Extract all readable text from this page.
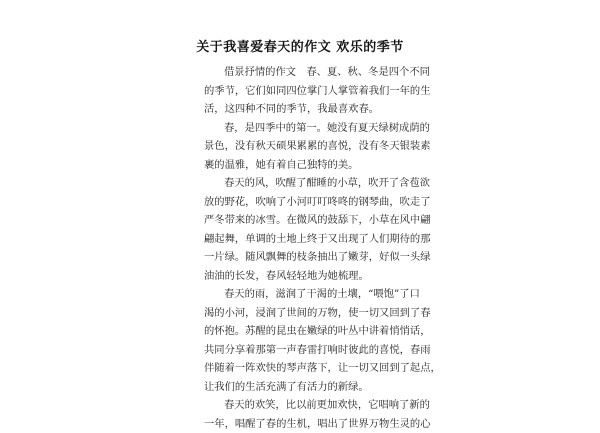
关于我喜爱春天的作文 欢乐的季节
借景抒情的作文　春、夏、秋、冬是四个不同
的季节，它们如同四位掌门人掌管着我们一年的生
活，这四种不同的季节，我最喜欢春。
春，是四季中的第一。她没有夏天绿树成荫的
景色，没有秋天硕果累累的喜悦，没有冬天银装素
裹的温雅，她有着自己独特的美。
春天的风，吹醒了酣睡的小草，吹开了含苞欲
放的野花，吹响了小河叮叮咚咚的钢琴曲，吹走了
严冬带来的冰雪。在微风的鼓舔下，小草在风中翩
翩起舞，单调的土地上终于又出现了人们期待的那
一片绿。随风飘舞的枝条抽出了嫩芽，好似一头绿
油油的长发，春风轻轻地为她梳理。
春天的雨，滋润了干渴的土壤，“喂饱”了口
渴的小河，浸润了世间的万物，使一切又回到了春
的怀抱。苏醒的昆虫在嫩绿的叶丛中讲着悄悄话，
共同分享着那第一声春雷打响时彼此的喜悦，春雨
伴随着一阵欢快的琴声落下，让一切又回到了起点，
让我们的生活充满了有活力的新绿。
春天的欢笑，比以前更加欢快，它唱响了新的
一年，唱醒了春的生机，唱出了世界万物生灵的心
